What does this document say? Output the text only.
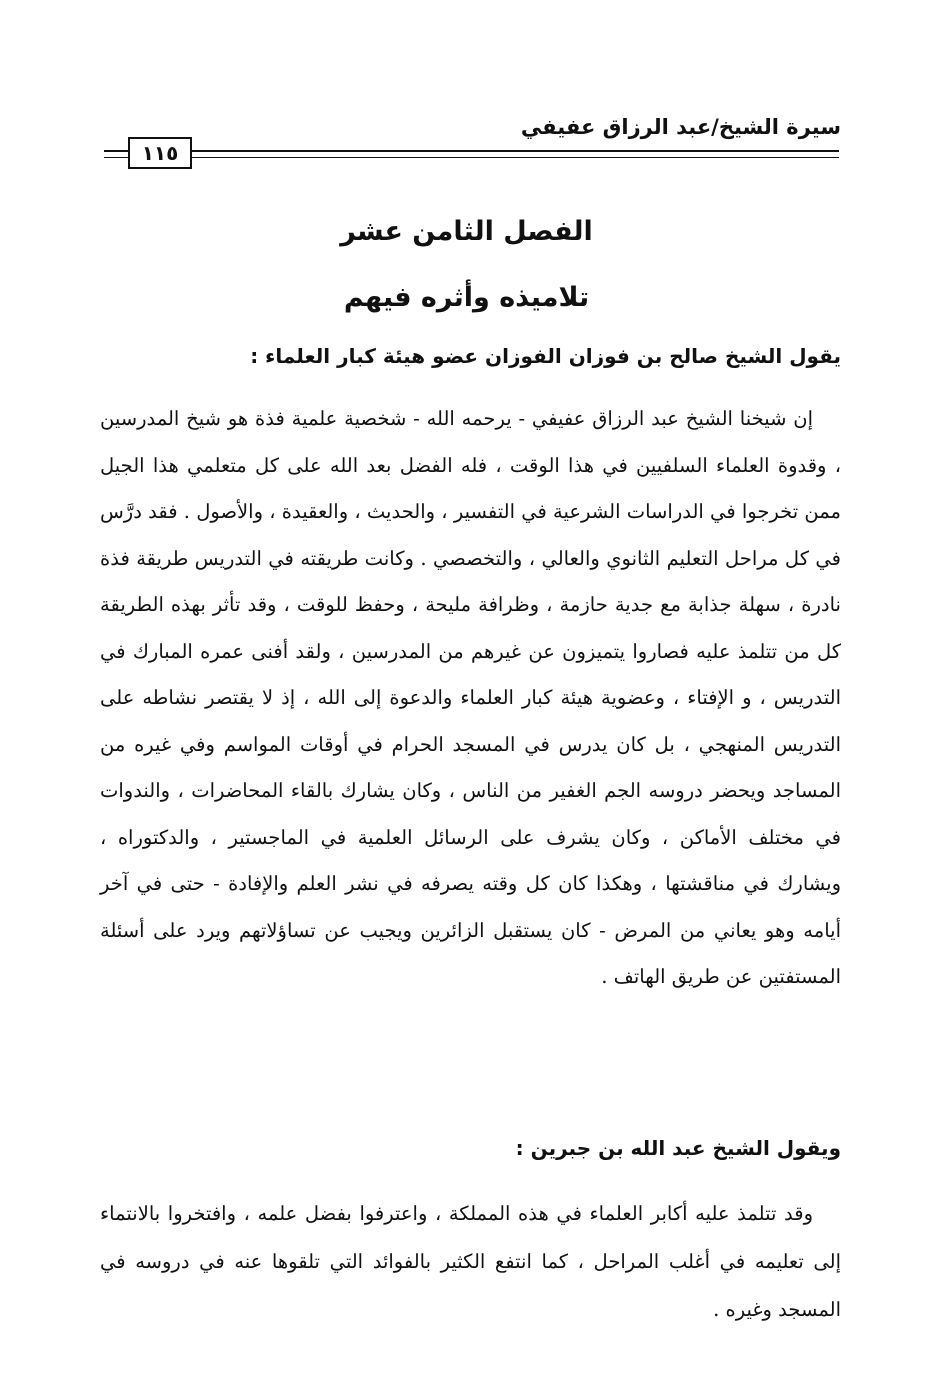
سيرة الشيخ/عبد الرزاق عفيفي
١١٥
الفصل الثامن عشر
تلاميذه وأثره فيهم
يقول الشيخ صالح بن فوزان الفوزان عضو هيئة كبار العلماء :

إن شيخنا الشيخ عبد الرزاق عفيفي - يرحمه الله - شخصية علمية فذة هو شيخ المدرسين ، وقدوة العلماء السلفيين في هذا الوقت ، فله الفضل بعد الله على كل متعلمي هذا الجيل ممن تخرجوا في الدراسات الشرعية في التفسير ، والحديث ، والعقيدة ، والأصول . فقد درَّس في كل مراحل التعليم الثانوي والعالي ، والتخصصي . وكانت طريقته في التدريس طريقة فذة نادرة ، سهلة جذابة مع جدية حازمة ، وظرافة مليحة ، وحفظ للوقت ، وقد تأثر بهذه الطريقة كل من تتلمذ عليه فصاروا يتميزون عن غيرهم من المدرسين ، ولقد أفنى عمره المبارك في التدريس ، و الإفتاء ، وعضوية هيئة كبار العلماء والدعوة إلى الله ، إذ لا يقتصر نشاطه على التدريس المنهجي ، بل كان يدرس في المسجد الحرام في أوقات المواسم وفي غيره من المساجد ويحضر دروسه الجم الغفير من الناس ، وكان يشارك بالقاء المحاضرات ، والندوات في مختلف الأماكن ، وكان يشرف على الرسائل العلمية في الماجستير ، والدكتوراه ، ويشارك في مناقشتها ، وهكذا كان كل وقته يصرفه في نشر العلم والإفادة - حتى في آخر أيامه وهو يعاني من المرض - كان يستقبل الزائرين ويجيب عن تساؤلاتهم ويرد على أسئلة المستفتين عن طريق الهاتف .

ويقول الشيخ عبد الله بن جبرين :

وقد تتلمذ عليه أكابر العلماء في هذه المملكة ، واعترفوا بفضل علمه ، وافتخروا بالانتماء إلى تعليمه في أغلب المراحل ، كما انتفع الكثير بالفوائد التي تلقوها عنه في دروسه في المسجد وغيره .
